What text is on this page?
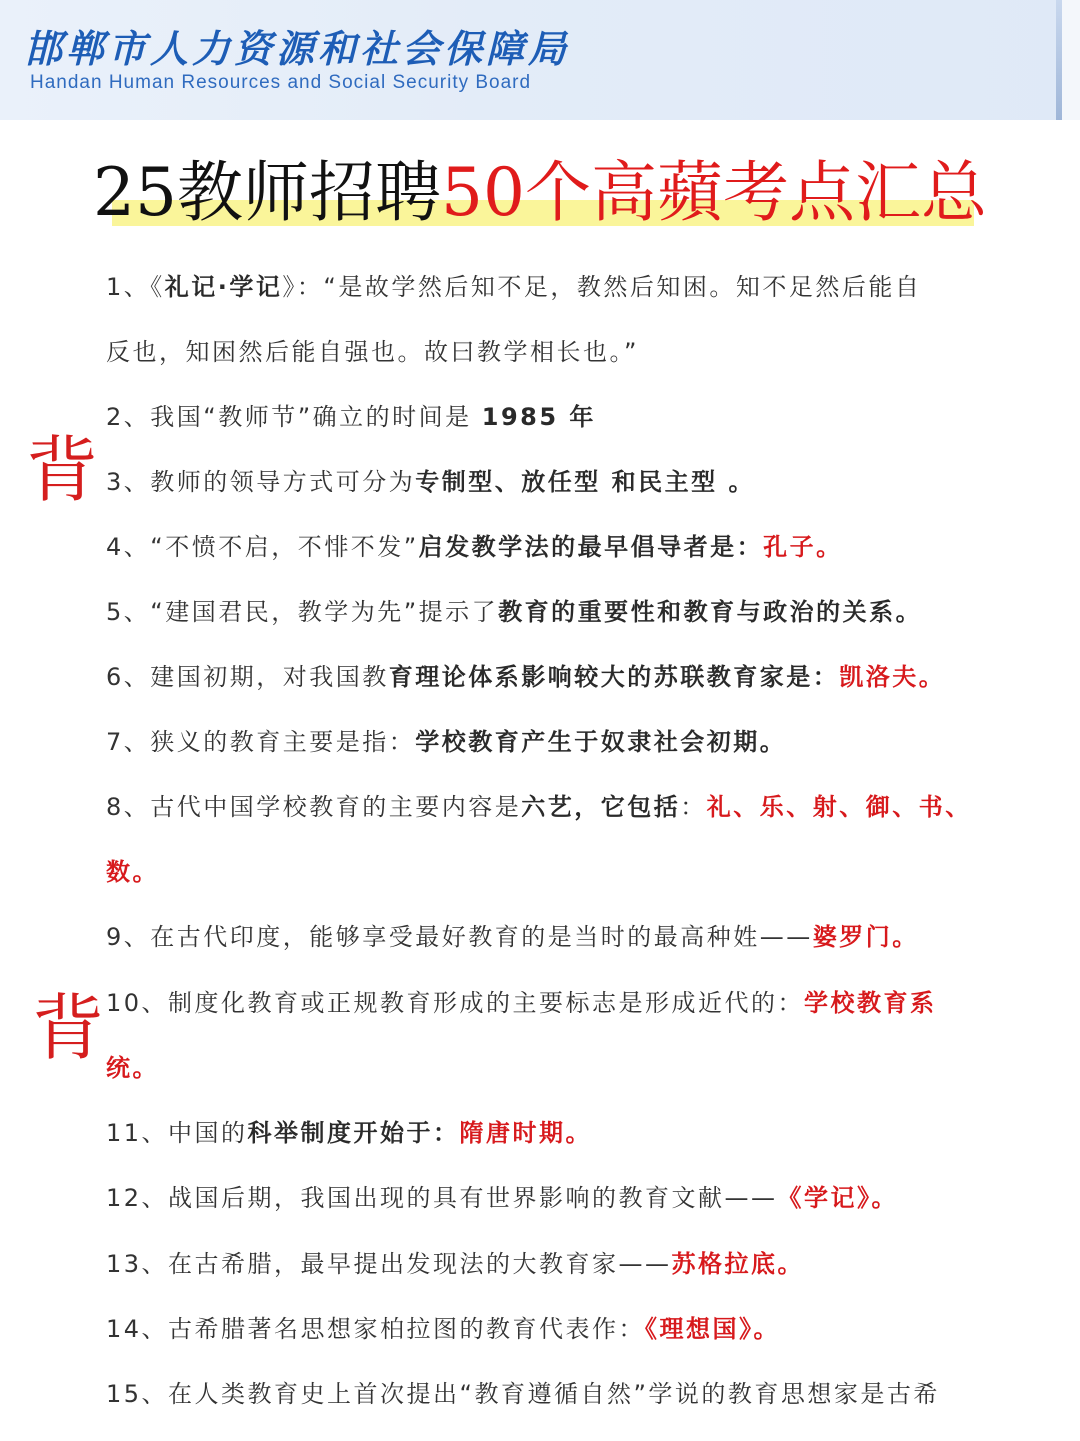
邯郸市人力资源和社会保障局
Handan Human Resources and Social Security Board
25教师招聘50个高蘋考点汇总
背
背
1、《礼记·学记》：“是故学然后知不足，教然后知困。知不足然后能自
反也，知困然后能自强也。故曰教学相长也。”
2、我国“教师节”确立的时间是 1985 年
3、教师的领导方式可分为专制型、放任型 和民主型 。
4、“不愤不启，不悱不发”启发教学法的最早倡导者是：孔子。
5、“建国君民，教学为先”提示了教育的重要性和教育与政治的关系。
6、建国初期，对我国教育理论体系影响较大的苏联教育家是：凯洛夫。
7、狭义的教育主要是指：学校教育产生于奴隶社会初期。
8、古代中国学校教育的主要内容是六艺，它包括：礼、乐、射、御、书、
数。
9、在古代印度，能够享受最好教育的是当时的最高种姓——婆罗门。
10、制度化教育或正规教育形成的主要标志是形成近代的：学校教育系
统。
11、中国的科举制度开始于：隋唐时期。
12、战国后期，我国出现的具有世界影响的教育文献——《学记》。
13、在古希腊，最早提出发现法的大教育家——苏格拉底。
14、古希腊著名思想家柏拉图的教育代表作：《理想国》。
15、在人类教育史上首次提出“教育遵循自然”学说的教育思想家是古希
